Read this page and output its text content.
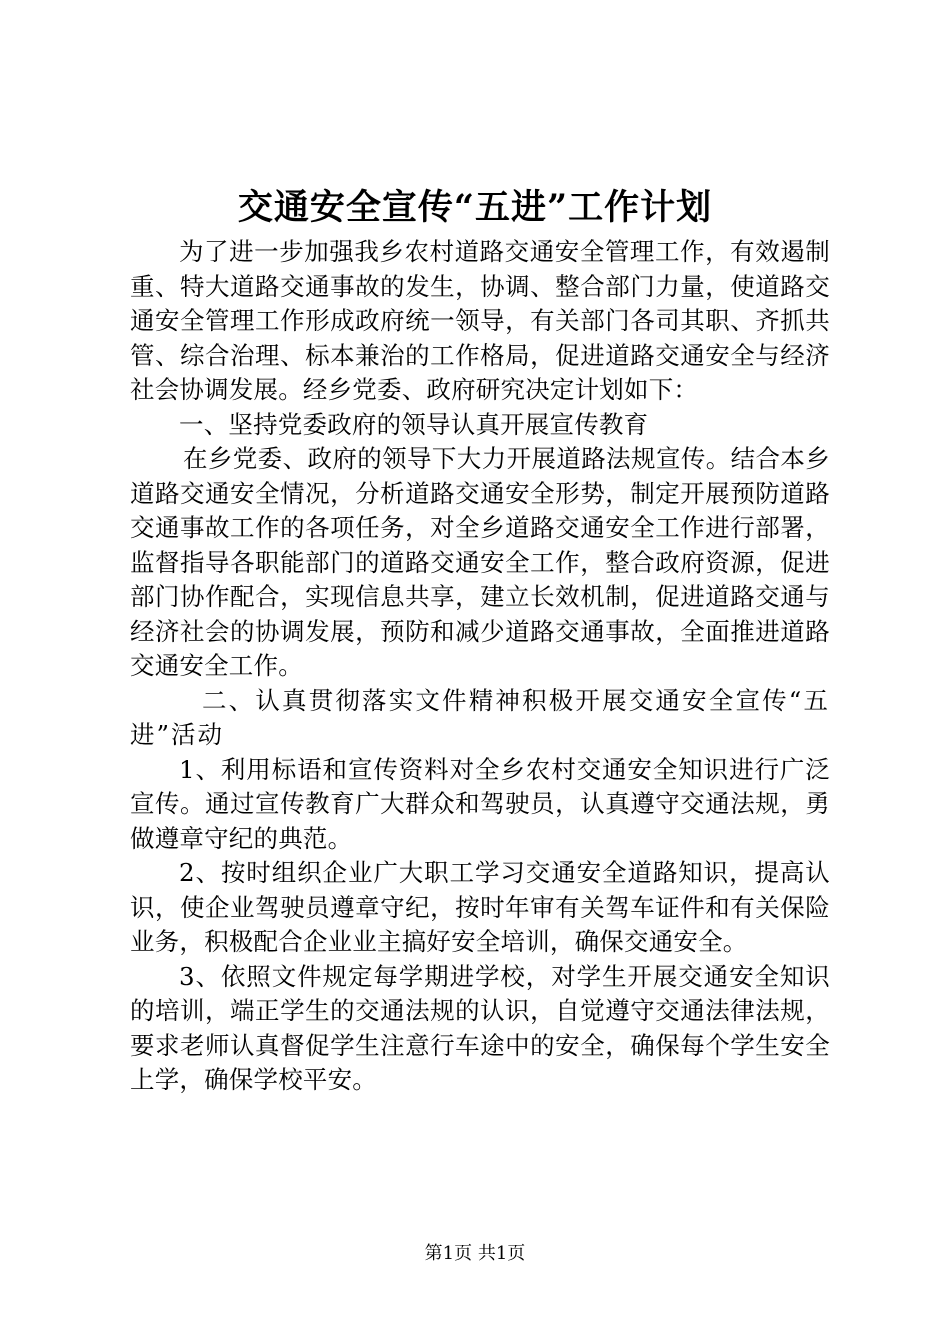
交通安全宣传“五进”工作计划

为了进一步加强我乡农村道路交通安全管理工作，有效遏制重、特大道路交通事故的发生，协调、整合部门力量，使道路交通安全管理工作形成政府统一领导，有关部门各司其职、齐抓共管、综合治理、标本兼治的工作格局，促进道路交通安全与经济社会协调发展。经乡党委、政府研究决定计划如下：

一、坚持党委政府的领导认真开展宣传教育

在乡党委、政府的领导下大力开展道路法规宣传。结合本乡道路交通安全情况，分析道路交通安全形势，制定开展预防道路交通事故工作的各项任务，对全乡道路交通安全工作进行部署，监督指导各职能部门的道路交通安全工作，整合政府资源，促进部门协作配合，实现信息共享，建立长效机制，促进道路交通与经济社会的协调发展，预防和减少道路交通事故，全面推进道路交通安全工作。

二、认真贯彻落实文件精神积极开展交通安全宣传“五进”活动

1、利用标语和宣传资料对全乡农村交通安全知识进行广泛宣传。通过宣传教育广大群众和驾驶员，认真遵守交通法规，勇做遵章守纪的典范。

2、按时组织企业广大职工学习交通安全道路知识，提高认识，使企业驾驶员遵章守纪，按时年审有关驾车证件和有关保险业务，积极配合企业业主搞好安全培训，确保交通安全。

3、依照文件规定每学期进学校，对学生开展交通安全知识的培训，端正学生的交通法规的认识，自觉遵守交通法律法规，要求老师认真督促学生注意行车途中的安全，确保每个学生安全上学，确保学校平安。

第1页 共1页
